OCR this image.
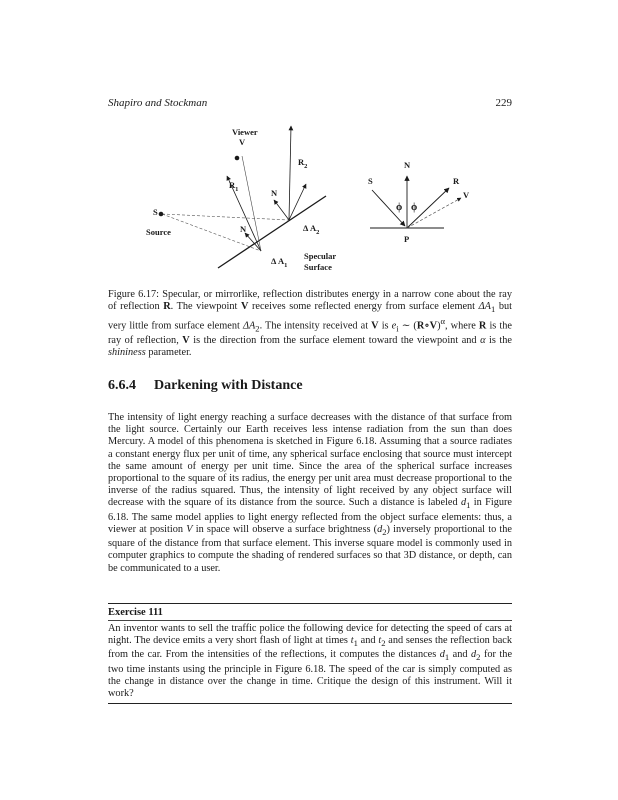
Shapiro and Stockman	229
Viewer
V
$R_1$
$R_2$
N
N
S
Source	Δ $A_2$
Δ $A_1$
Specular
Surface
N
S	R
V
ϕ ϕ
P

Figure 6.17: Specular, or mirrorlike, reflection distributes energy in a narrow cone about the ray of reflection R. The viewpoint V receives some reflected energy from surface element $\Delta A_1$ but very little from surface element $\Delta A_2$. The intensity received at V is $e_i$ ∼ (R∘V)$^\alpha$, where R is the ray of reflection, V is the direction from the surface element toward the viewpoint and α is the shininess parameter.

6.6.4 Darkening with Distance

The intensity of light energy reaching a surface decreases with the distance of that surface from the light source. Certainly our Earth receives less intense radiation from the sun than does Mercury. A model of this phenomena is sketched in Figure 6.18. Assuming that a source radiates a constant energy flux per unit of time, any spherical surface enclosing that source must intercept the same amount of energy per unit time. Since the area of the spherical surface increases proportional to the square of its radius, the energy per unit area must decrease proportional to the inverse of the radius squared. Thus, the intensity of light received by any object surface will decrease with the square of its distance from the source. Such a distance is labeled $d_1$ in Figure 6.18. The same model applies to light energy reflected from the object surface elements: thus, a viewer at position V in space will observe a surface brightness $(d_2)$ inversely proportional to the square of the distance from that surface element. This inverse square model is commonly used in computer graphics to compute the shading of rendered surfaces so that 3D distance, or depth, can be communicated to a user.

Exercise 111

An inventor wants to sell the traffic police the following device for detecting the speed of cars at night. The device emits a very short flash of light at times $t_1$ and $t_2$ and senses the reflection back from the car. From the intensities of the reflections, it computes the distances $d_1$ and $d_2$ for the two time instants using the principle in Figure 6.18. The speed of the car is simply computed as the change in distance over the change in time. Critique the design of this instrument. Will it work?
